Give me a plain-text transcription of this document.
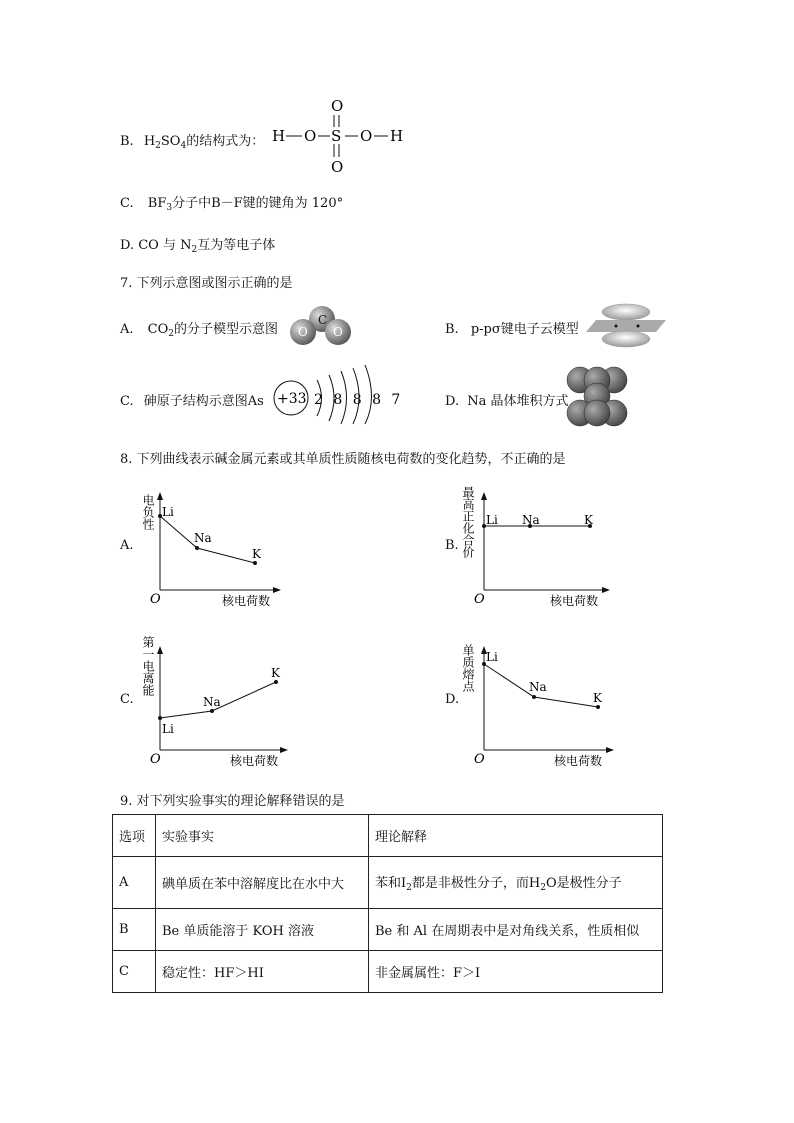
B. $H_2SO_4$的结构式为： H O S
O
O
O H
C. $BF_3$分子中B－F键的键角为 120°
D. CO 与 $N_2$互为等电子体
7. 下列示意图或图示正确的是
A. $CO_2$的分子模型示意图
C
O O	B. p-pσ键电子云模型
C. 砷原子结构示意图As +33 2 8 8 8 7	D. Na 晶体堆积方式
8. 下列曲线表示碱金属元素或其单质性质随核电荷数的变化趋势，不正确的是
A.
电负性
O	核电荷数
Li
Na
K
B. 最高正化合价
O	核电荷数
Li Na	K
C.
第一电离能
O	核电荷数
Li
Na
K
D.
单质熔点
O	核电荷数
Li
Na
K
9. 对下列实验事实的理论解释错误的是
选项	实验事实	理论解释
A	碘单质在苯中溶解度比在水中大	苯和$I_2$都是非极性分子，而$H_2O$是极性分子
B	Be 单质能溶于 KOH 溶液	Be 和 Al 在周期表中是对角线关系，性质相似
C	稳定性：HF＞HI	非金属属性：F＞I
